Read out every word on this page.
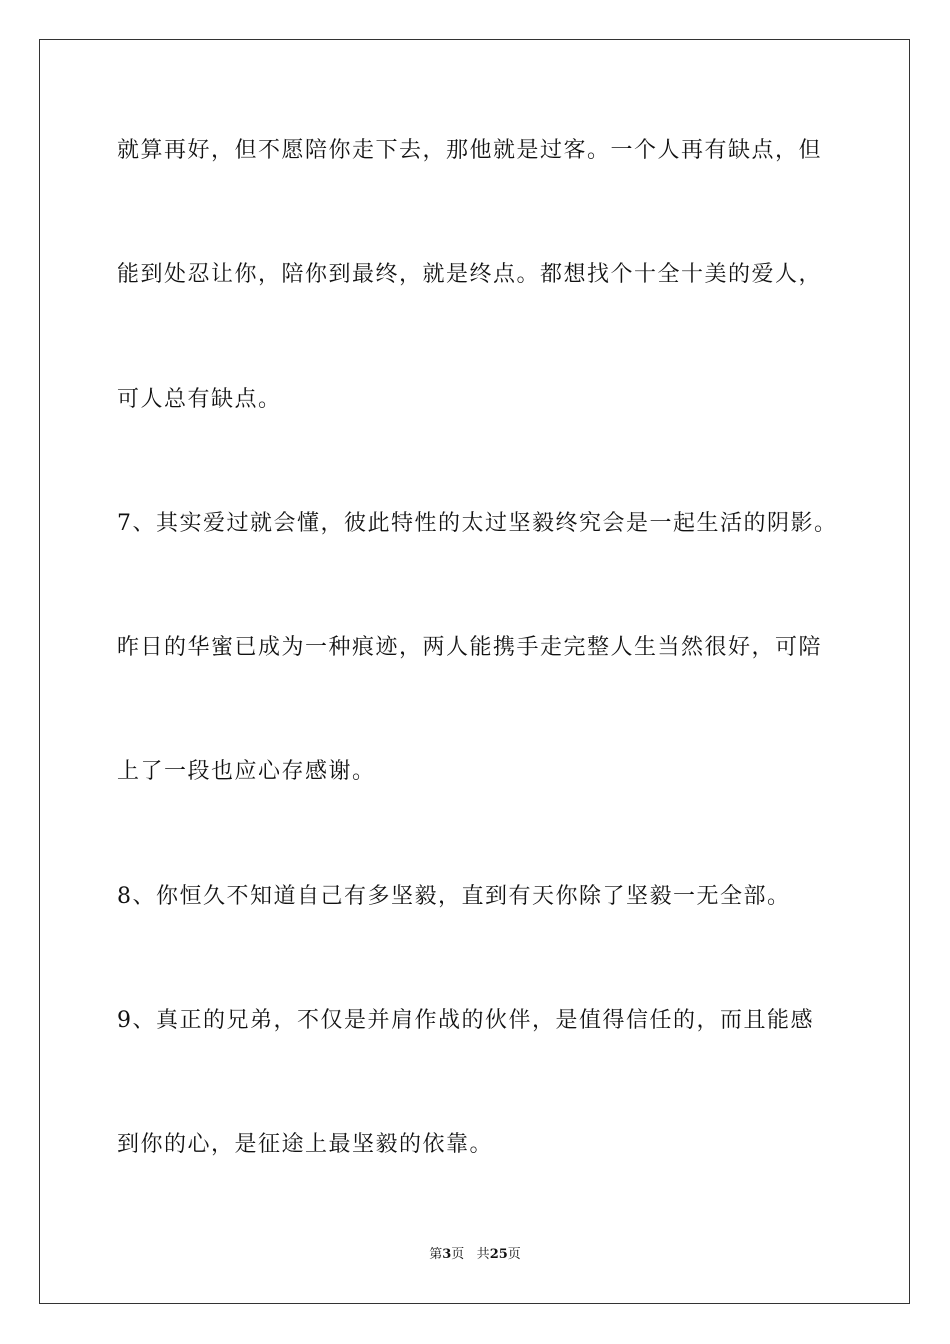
就算再好，但不愿陪你走下去，那他就是过客。一个人再有缺点，但
能到处忍让你，陪你到最终，就是终点。都想找个十全十美的爱人，
可人总有缺点。
7、其实爱过就会懂，彼此特性的太过坚毅终究会是一起生活的阴影。
昨日的华蜜已成为一种痕迹，两人能携手走完整人生当然很好，可陪
上了一段也应心存感谢。
8、你恒久不知道自己有多坚毅，直到有天你除了坚毅一无全部。
9、真正的兄弟，不仅是并肩作战的伙伴，是值得信任的，而且能感
到你的心，是征途上最坚毅的依靠。
第3页 共25页
